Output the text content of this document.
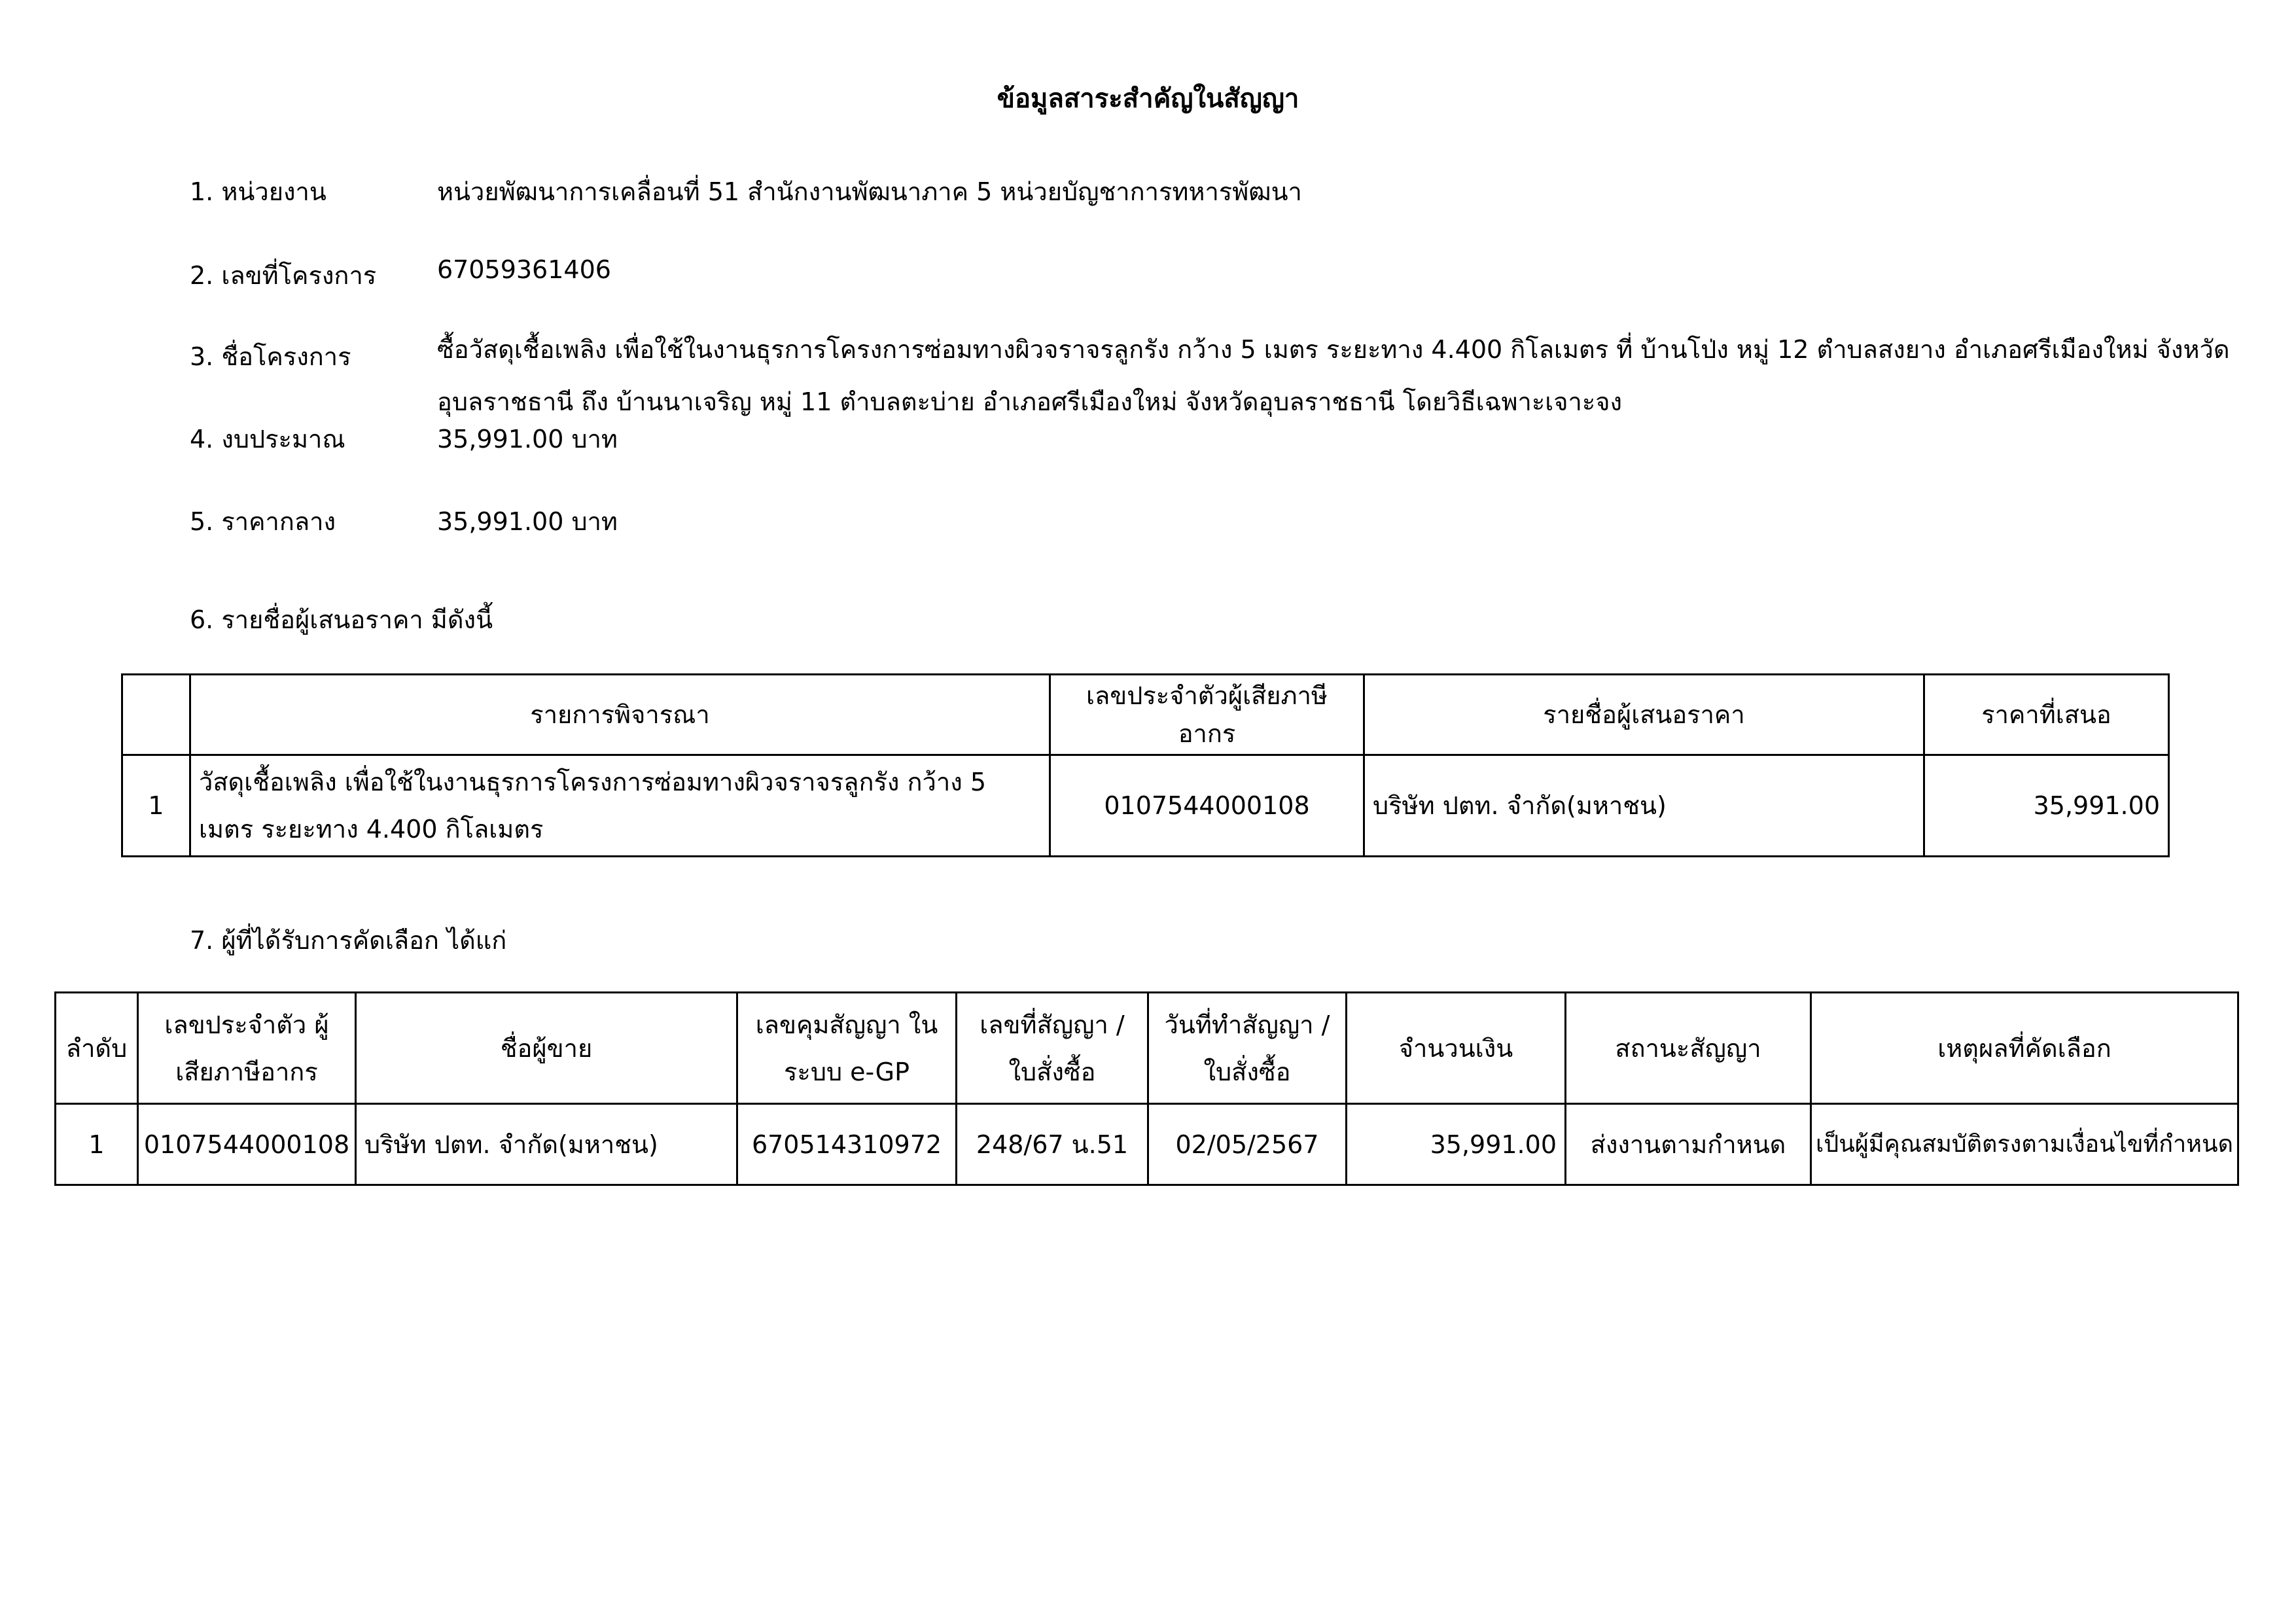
ข้อมูลสาระสำคัญในสัญญา
1. หน่วยงาน	หน่วยพัฒนาการเคลื่อนที่ 51 สำนักงานพัฒนาภาค 5 หน่วยบัญชาการทหารพัฒนา
2. เลขที่โครงการ 67059361406
3. ชื่อโครงการ	ซื้อวัสดุเชื้อเพลิง เพื่อใช้ในงานธุรการโครงการซ่อมทางผิวจราจรลูกรัง กว้าง 5 เมตร ระยะทาง 4.400 กิโลเมตร ที่ บ้านโป่ง หมู่ 12 ตำบลสงยาง อำเภอศรีเมืองใหม่ จังหวัดอุบลราชธานี ถึง บ้านนาเจริญ หมู่ 11 ตำบลตะบ่าย อำเภอศรีเมืองใหม่ จังหวัดอุบลราชธานี โดยวิธีเฉพาะเจาะจง
4. งบประมาณ	35,991.00 บาท
5. ราคากลาง	35,991.00 บาท
6. รายชื่อผู้เสนอราคา มีดังนี้
	รายการพิจารณา	เลขประจำตัวผู้เสียภาษีอากร	รายชื่อผู้เสนอราคา	ราคาที่เสนอ
1	วัสดุเชื้อเพลิง เพื่อใช้ในงานธุรการโครงการซ่อมทางผิวจราจรลูกรัง กว้าง 5 เมตร ระยะทาง 4.400 กิโลเมตร	0107544000108	บริษัท ปตท. จำกัด(มหาชน)	35,991.00
7. ผู้ที่ได้รับการคัดเลือก ได้แก่
ลำดับ	เลขประจำตัว ผู้เสียภาษีอากร	ชื่อผู้ขาย	เลขคุมสัญญา ในระบบ e-GP	เลขที่สัญญา / ใบสั่งซื้อ	วันที่ทำสัญญา / ใบสั่งซื้อ	จำนวนเงิน	สถานะสัญญา	เหตุผลที่คัดเลือก
1	0107544000108	บริษัท ปตท. จำกัด(มหาชน)	670514310972	248/67 น.51	02/05/2567	35,991.00	ส่งงานตามกำหนด	เป็นผู้มีคุณสมบัติตรงตามเงื่อนไขที่กำหนด
